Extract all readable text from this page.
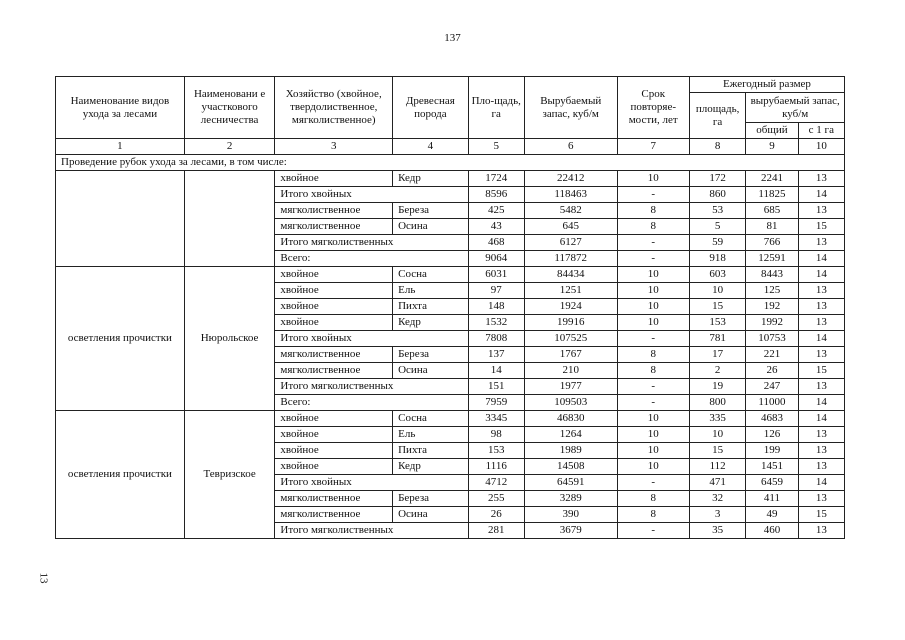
137
13
Наименование видов ухода за лесами	Наименовани е участкового лесничества	Хозяйство (хвойное, твердолиственное, мягколиственное)	Древесная порода	Пло-щадь, га	Вырубаемый запас, куб/м	Срок повторяе-мости, лет	Ежегодный размер		
							площадь, га	вырубаемый запас, куб/м	
								общий	с 1 га
1	2	3	4	5	6	7	8	9	10
Проведение рубок ухода за лесами, в том числе:									
		хвойное	Кедр	1724	22412	10	172	2241	13
		Итого хвойных		8596	118463	-	860	11825	14
		мягколиственное	Береза	425	5482	8	53	685	13
		мягколиственное	Осина	43	645	8	5	81	15
		Итого мягколиственных		468	6127	-	59	766	13
		Всего:		9064	117872	-	918	12591	14
осветления прочистки	Нюрольское	хвойное	Сосна	6031	84434	10	603	8443	14
		хвойное	Ель	97	1251	10	10	125	13
		хвойное	Пихта	148	1924	10	15	192	13
		хвойное	Кедр	1532	19916	10	153	1992	13
		Итого хвойных		7808	107525	-	781	10753	14
		мягколиственное	Береза	137	1767	8	17	221	13
		мягколиственное	Осина	14	210	8	2	26	15
		Итого мягколиственных		151	1977	-	19	247	13
		Всего:		7959	109503	-	800	11000	14
осветления прочистки	Тевризское	хвойное	Сосна	3345	46830	10	335	4683	14
		хвойное	Ель	98	1264	10	10	126	13
		хвойное	Пихта	153	1989	10	15	199	13
		хвойное	Кедр	1116	14508	10	112	1451	13
		Итого хвойных		4712	64591	-	471	6459	14
		мягколиственное	Береза	255	3289	8	32	411	13
		мягколиственное	Осина	26	390	8	3	49	15
		Итого мягколиственных		281	3679	-	35	460	13
